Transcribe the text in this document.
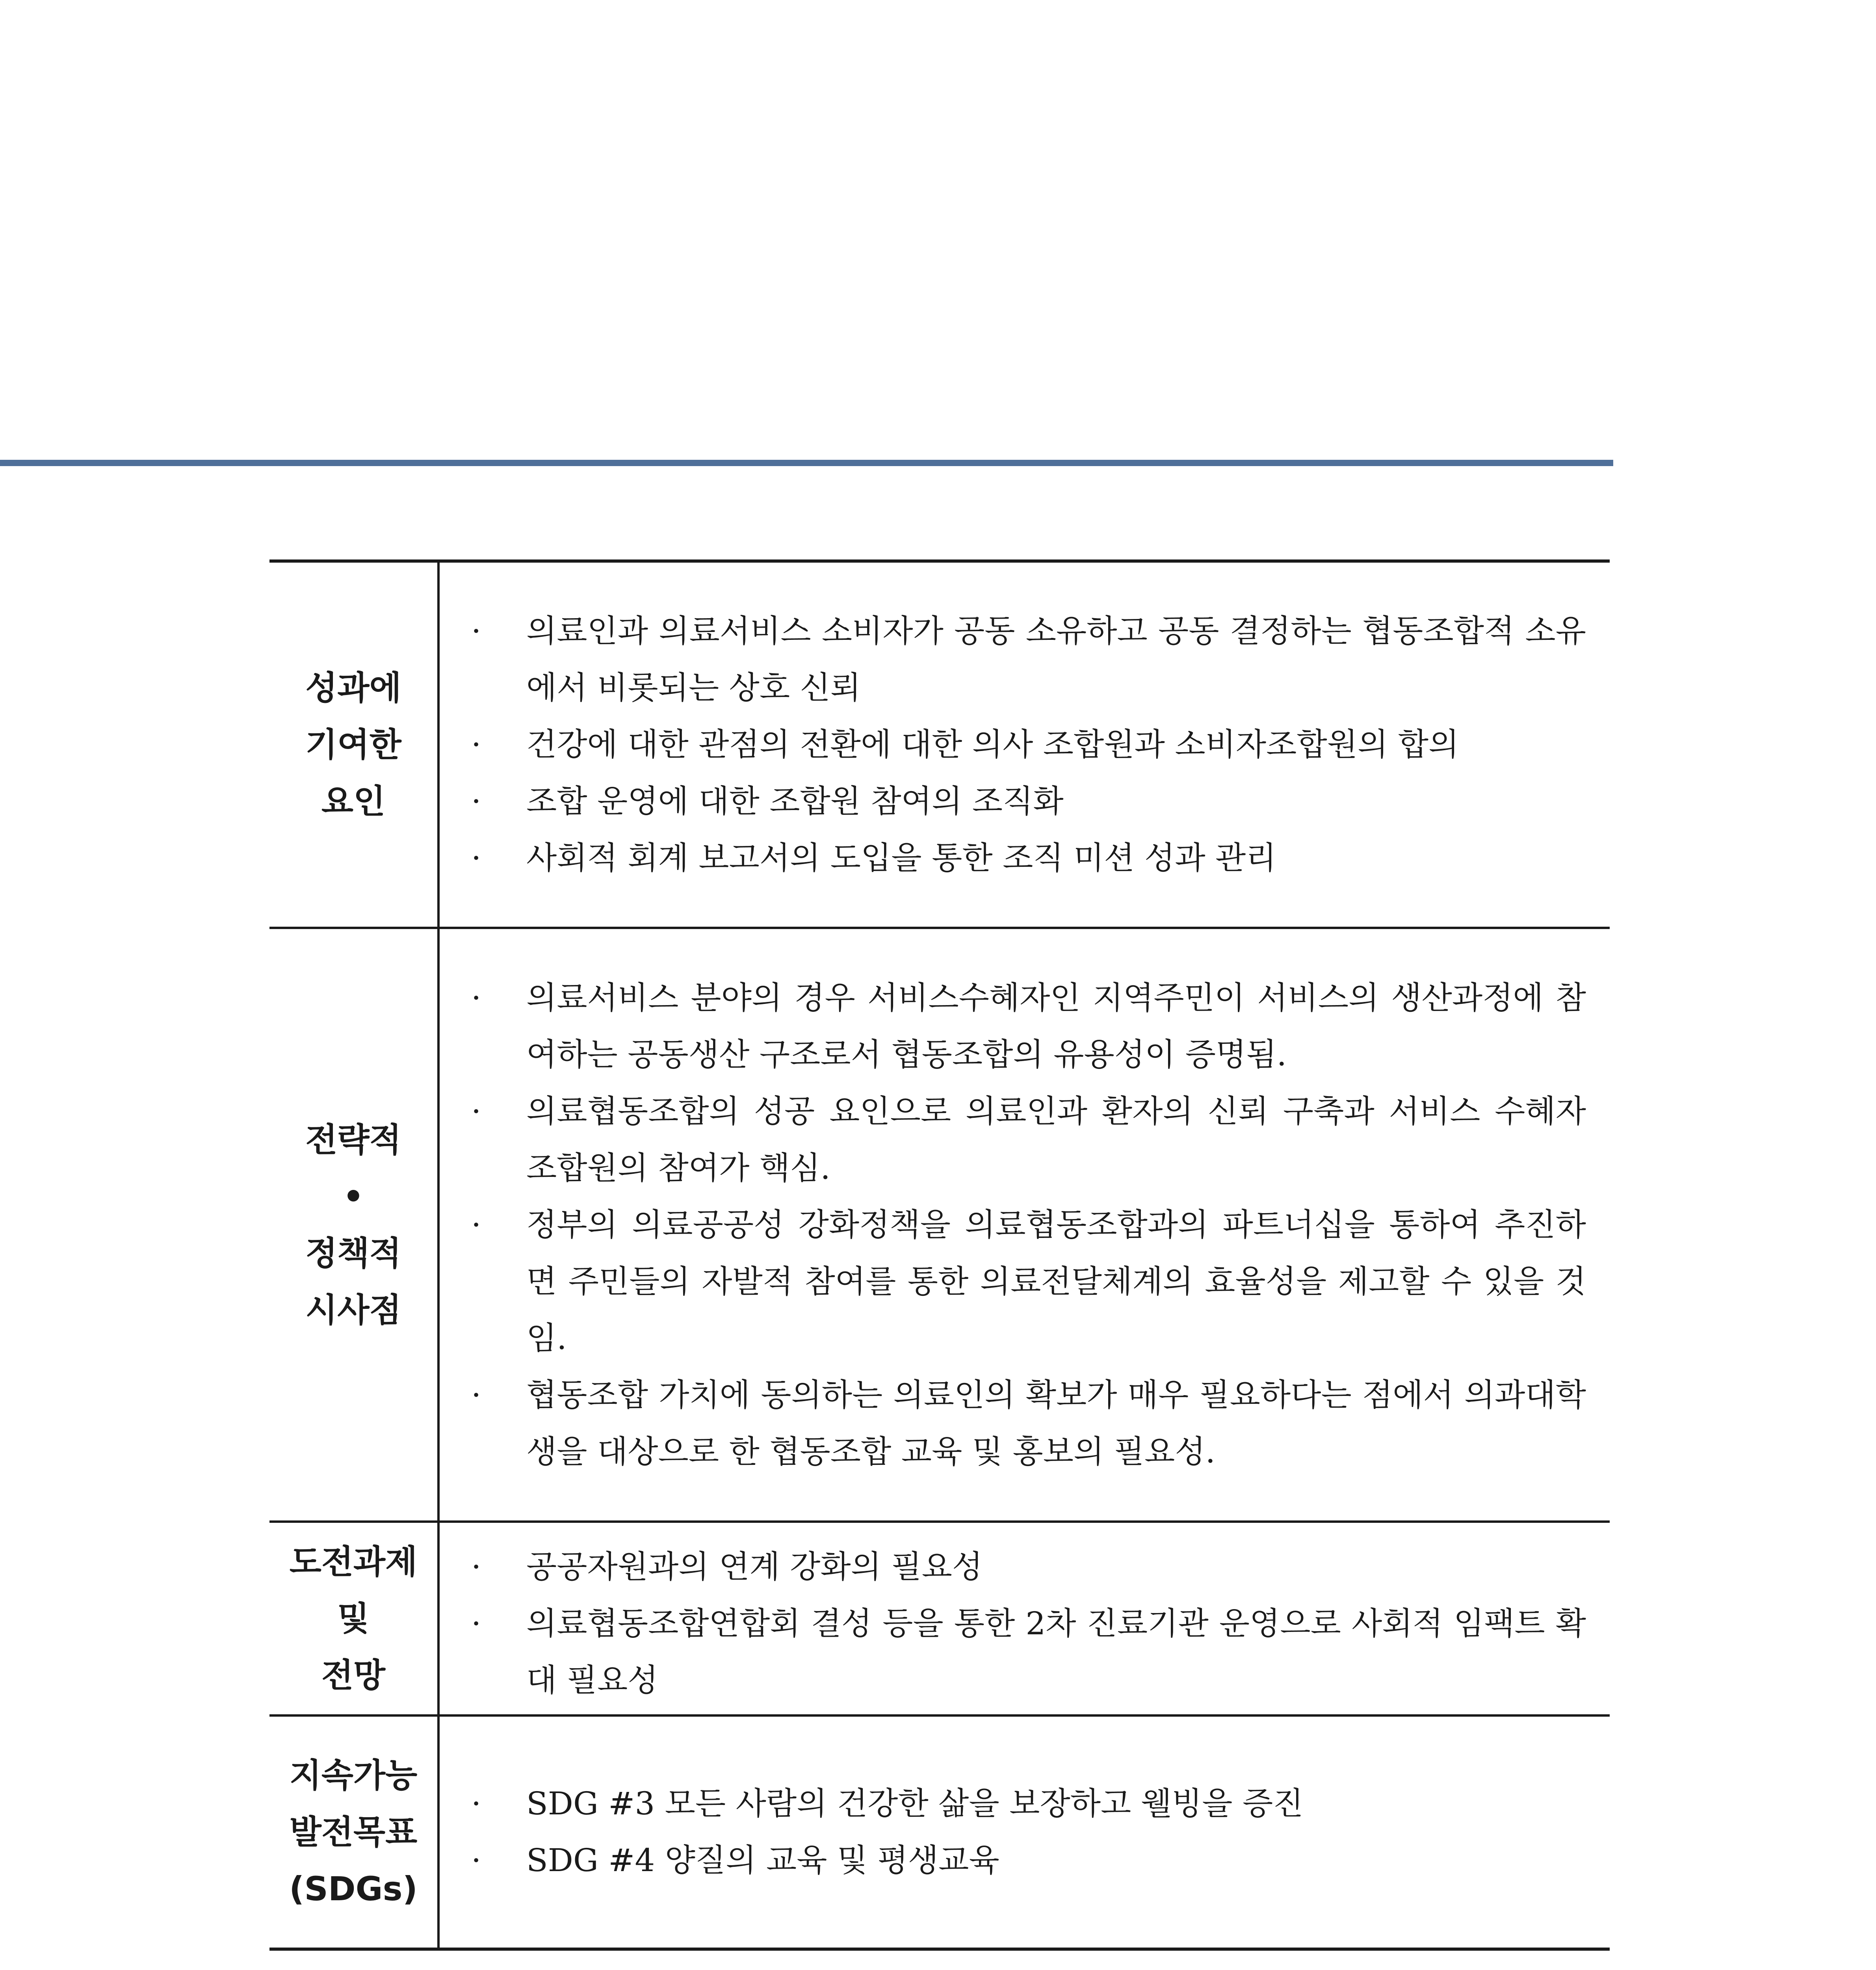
성과에
기여한
요인
·	의료인과 의료서비스 소비자가 공동 소유하고 공동 결정하는 협동조합적 소유에서 비롯되는 상호 신뢰
·	건강에 대한 관점의 전환에 대한 의사 조합원과 소비자조합원의 합의
·	조합 운영에 대한 조합원 참여의 조직화
·	사회적 회계 보고서의 도입을 통한 조직 미션 성과 관리
전략적
•
정책적
시사점
·	의료서비스 분야의 경우 서비스수혜자인 지역주민이 서비스의 생산과정에 참여하는 공동생산 구조로서 협동조합의 유용성이 증명됨.
·	의료협동조합의 성공 요인으로 의료인과 환자의 신뢰 구축과 서비스 수혜자 조합원의 참여가 핵심.
·	정부의 의료공공성 강화정책을 의료협동조합과의 파트너십을 통하여 추진하면 주민들의 자발적 참여를 통한 의료전달체계의 효율성을 제고할 수 있을 것임.
·	협동조합 가치에 동의하는 의료인의 확보가 매우 필요하다는 점에서 의과대학생을 대상으로 한 협동조합 교육 및 홍보의 필요성.
도전과제
및
전망
·	공공자원과의 연계 강화의 필요성
·	의료협동조합연합회 결성 등을 통한 2차 진료기관 운영으로 사회적 임팩트 확대 필요성
지속가능
발전목표
(SDGs)
·	SDG #3 모든 사람의 건강한 삶을 보장하고 웰빙을 증진
·	SDG #4 양질의 교육 및 평생교육
